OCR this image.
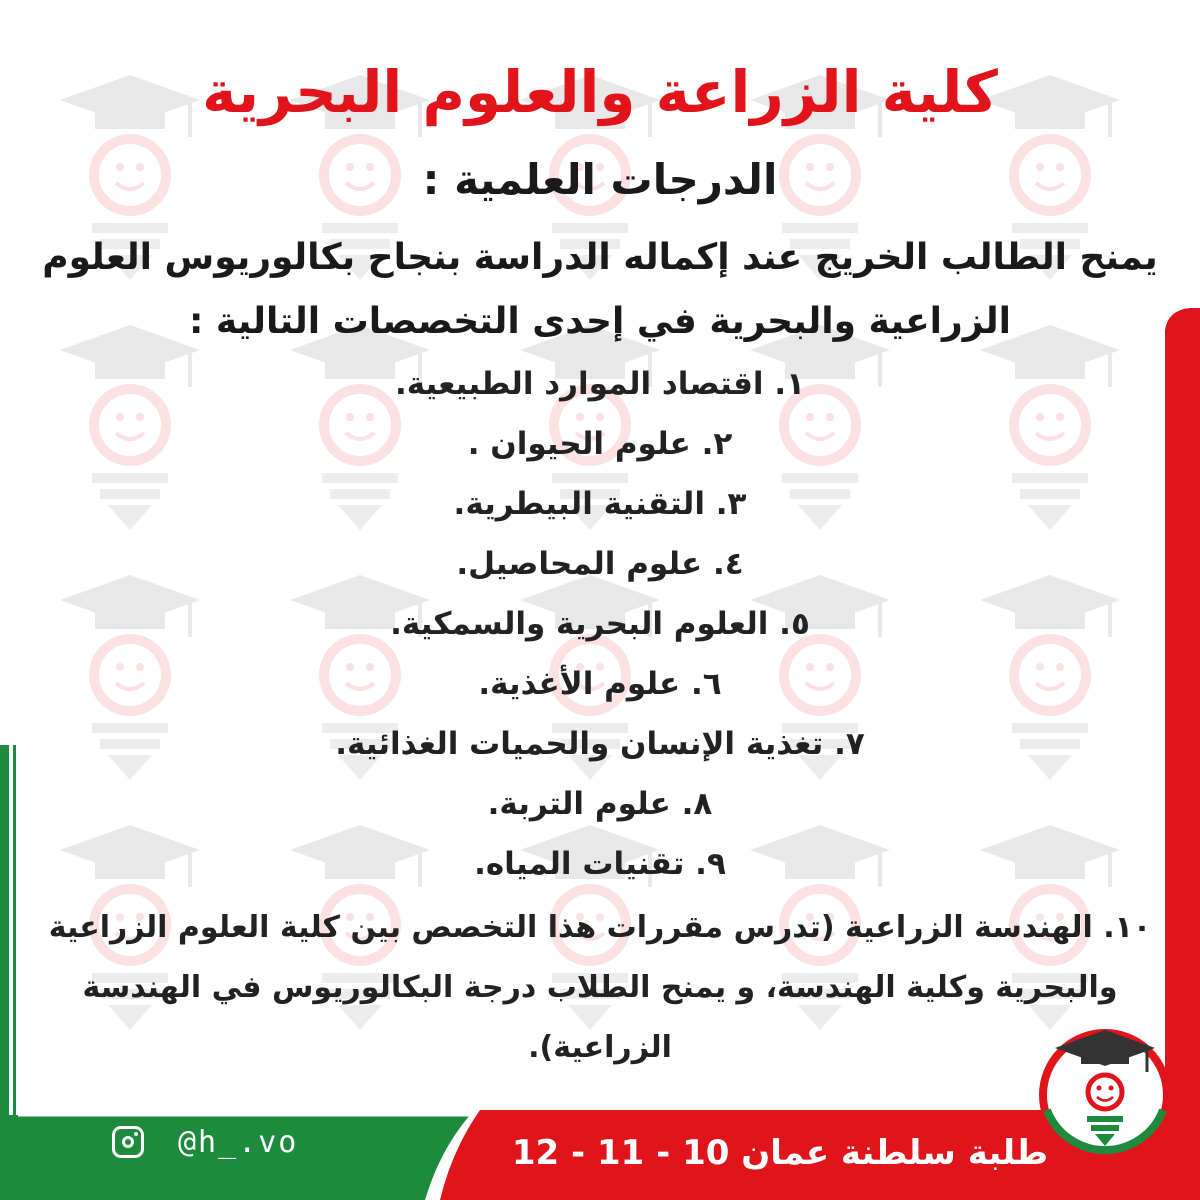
كلية الزراعة والعلوم البحرية
الدرجات العلمية :
يمنح الطالب الخريج عند إكماله الدراسة بنجاح بكالوريوس العلوم الزراعية والبحرية في إحدى التخصصات التالية :
١. اقتصاد الموارد الطبيعية.
٢. علوم الحيوان .
٣. التقنية البيطرية.
٤. علوم المحاصيل.
٥. العلوم البحرية والسمكية.
٦. علوم الأغذية.
٧. تغذية الإنسان والحميات الغذائية.
٨. علوم التربة.
٩. تقنيات المياه.
١٠. الهندسة الزراعية (تدرس مقررات هذا التخصص بين كلية العلوم الزراعية والبحرية وكلية الهندسة، و يمنح الطلاب درجة البكالوريوس في الهندسة الزراعية).
طلبة سلطنة عمان 10 - 11 - 12
@h_.vo
